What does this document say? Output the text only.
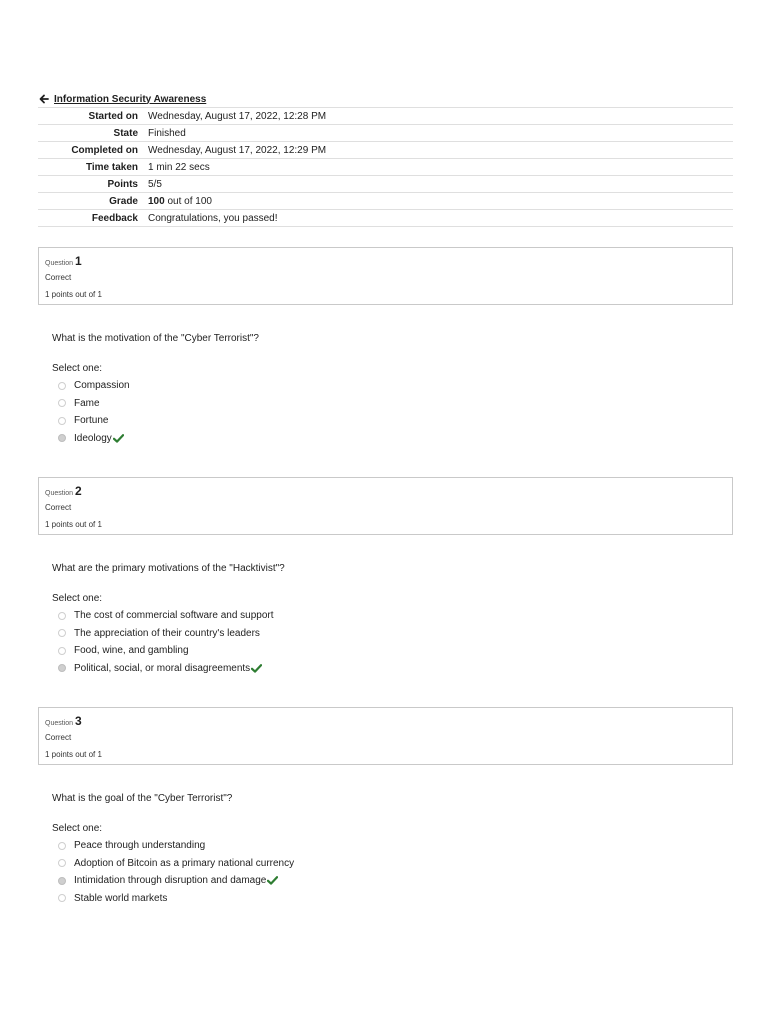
Information Security Awareness
Started on	Wednesday, August 17, 2022, 12:28 PM
State	Finished
Completed on	Wednesday, August 17, 2022, 12:29 PM
Time taken	1 min 22 secs
Points	5/5
Grade	100 out of 100
Feedback	Congratulations, you passed!
Question 1
Correct
1 points out of 1
What is the motivation of the "Cyber Terrorist"?
Select one:
Compassion
Fame
Fortune
Ideology
Question 2
Correct
1 points out of 1
What are the primary motivations of the "Hacktivist"?
Select one:
The cost of commercial software and support
The appreciation of their country's leaders
Food, wine, and gambling
Political, social, or moral disagreements
Question 3
Correct
1 points out of 1
What is the goal of the "Cyber Terrorist"?
Select one:
Peace through understanding
Adoption of Bitcoin as a primary national currency
Intimidation through disruption and damage
Stable world markets
